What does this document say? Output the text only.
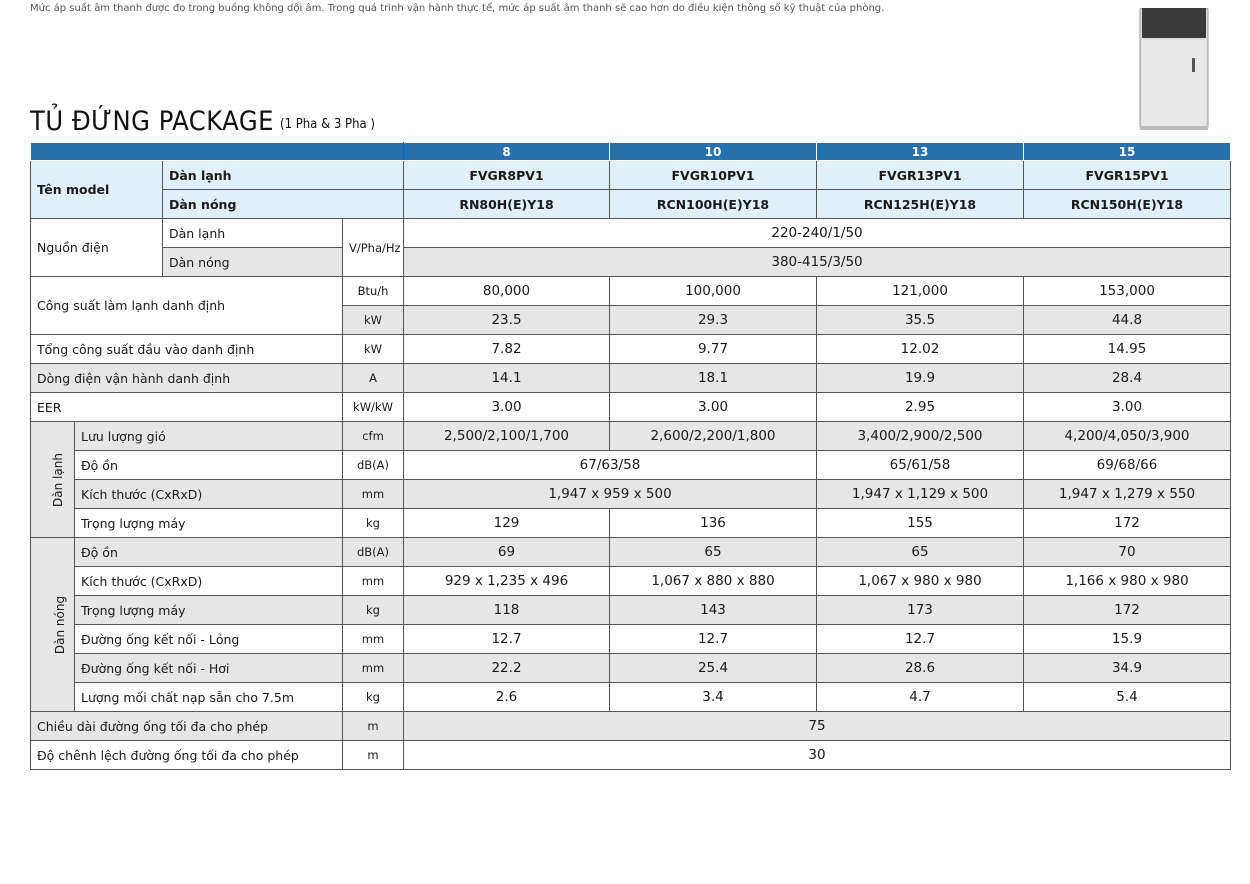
Mức áp suất âm thanh được đo trong buồng không dội âm. Trong quá trình vận hành thực tế, mức áp suất âm thanh sẽ cao hơn do điều kiện thông số kỹ thuật của phòng.
TỦ ĐỨNG PACKAGE (1 Pha & 3 Pha )
				8	10	13	15
Tên model		Dàn lạnh		FVGR8PV1	FVGR10PV1	FVGR13PV1	FVGR15PV1
		Dàn nóng		RN80H(E)Y18	RCN100H(E)Y18	RCN125H(E)Y18	RCN150H(E)Y18
Nguồn điện		Dàn lạnh	V/Pha/Hz	220-240/1/50			
		Dàn nóng		380-415/3/50			
Công suất làm lạnh danh định			Btu/h	80,000	100,000	121,000	153,000
			kW	23.5	29.3	35.5	44.8
Tổng công suất đầu vào danh định			kW	7.82	9.77	12.02	14.95
Dòng điện vận hành danh định			A	14.1	18.1	19.9	28.4
EER			kW/kW	3.00	3.00	2.95	3.00
Dàn lạnh	Lưu lượng gió		cfm	2,500/2,100/1,700	2,600/2,200/1,800	3,400/2,900/2,500	4,200/4,050/3,900
	Độ ồn		dB(A)	67/63/58		65/61/58	69/68/66
	Kích thước (CxRxD)		mm	1,947 x 959 x 500		1,947 x 1,129 x 500	1,947 x 1,279 x 550
	Trọng lượng máy		kg	129	136	155	172
Dàn nóng	Độ ồn		dB(A)	69	65	65	70
	Kích thước (CxRxD)		mm	929 x 1,235 x 496	1,067 x 880 x 880	1,067 x 980 x 980	1,166 x 980 x 980
	Trọng lượng máy		kg	118	143	173	172
	Đường ống kết nối - Lỏng		mm	12.7	12.7	12.7	15.9
	Đường ống kết nối - Hơi		mm	22.2	25.4	28.6	34.9
	Lượng mối chất nạp sẵn cho 7.5m		kg	2.6	3.4	4.7	5.4
Chiều dài đường ống tối đa cho phép			m	75			
Độ chênh lệch đường ống tối đa cho phép			m	30			
